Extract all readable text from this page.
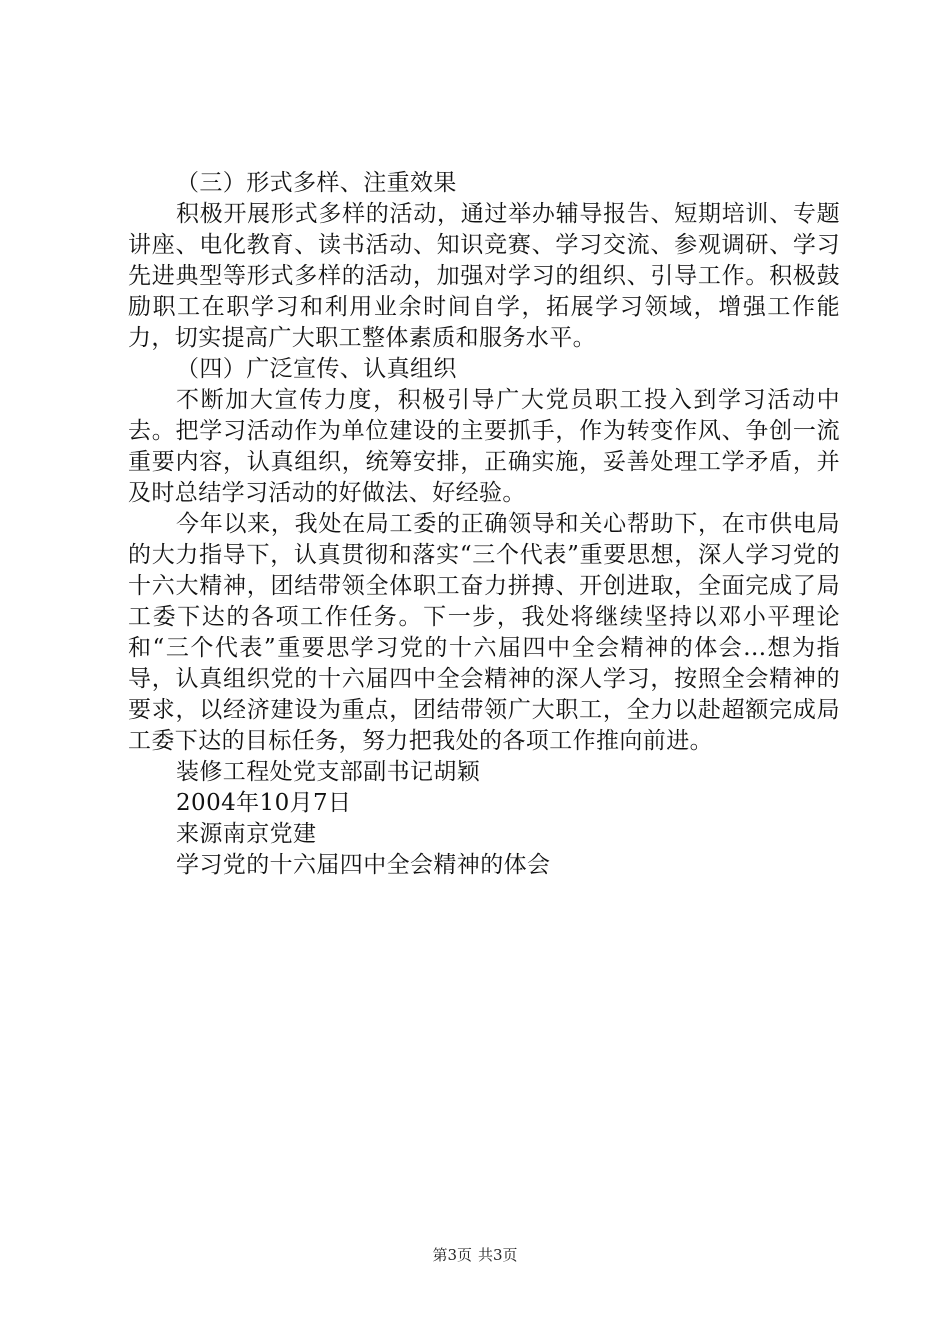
（三）形式多样、注重效果

积极开展形式多样的活动，通过举办辅导报告、短期培训、专题讲座、电化教育、读书活动、知识竞赛、学习交流、参观调研、学习先进典型等形式多样的活动，加强对学习的组织、引导工作。积极鼓励职工在职学习和利用业余时间自学，拓展学习领域，增强工作能力，切实提高广大职工整体素质和服务水平。

（四）广泛宣传、认真组织

不断加大宣传力度，积极引导广大党员职工投入到学习活动中去。把学习活动作为单位建设的主要抓手，作为转变作风、争创一流重要内容，认真组织，统筹安排，正确实施，妥善处理工学矛盾，并及时总结学习活动的好做法、好经验。

今年以来，我处在局工委的正确领导和关心帮助下，在市供电局的大力指导下，认真贯彻和落实“三个代表”重要思想，深人学习党的十六大精神，团结带领全体职工奋力拼搏、开创进取，全面完成了局工委下达的各项工作任务。下一步，我处将继续坚持以邓小平理论和“三个代表”重要思学习党的十六届四中全会精神的体会...想为指导，认真组织党的十六届四中全会精神的深人学习，按照全会精神的要求，以经济建设为重点，团结带领广大职工，全力以赴超额完成局工委下达的目标任务，努力把我处的各项工作推向前进。

装修工程处党支部副书记胡颖

2004年10月7日

来源南京党建

学习党的十六届四中全会精神的体会

第3页 共3页
